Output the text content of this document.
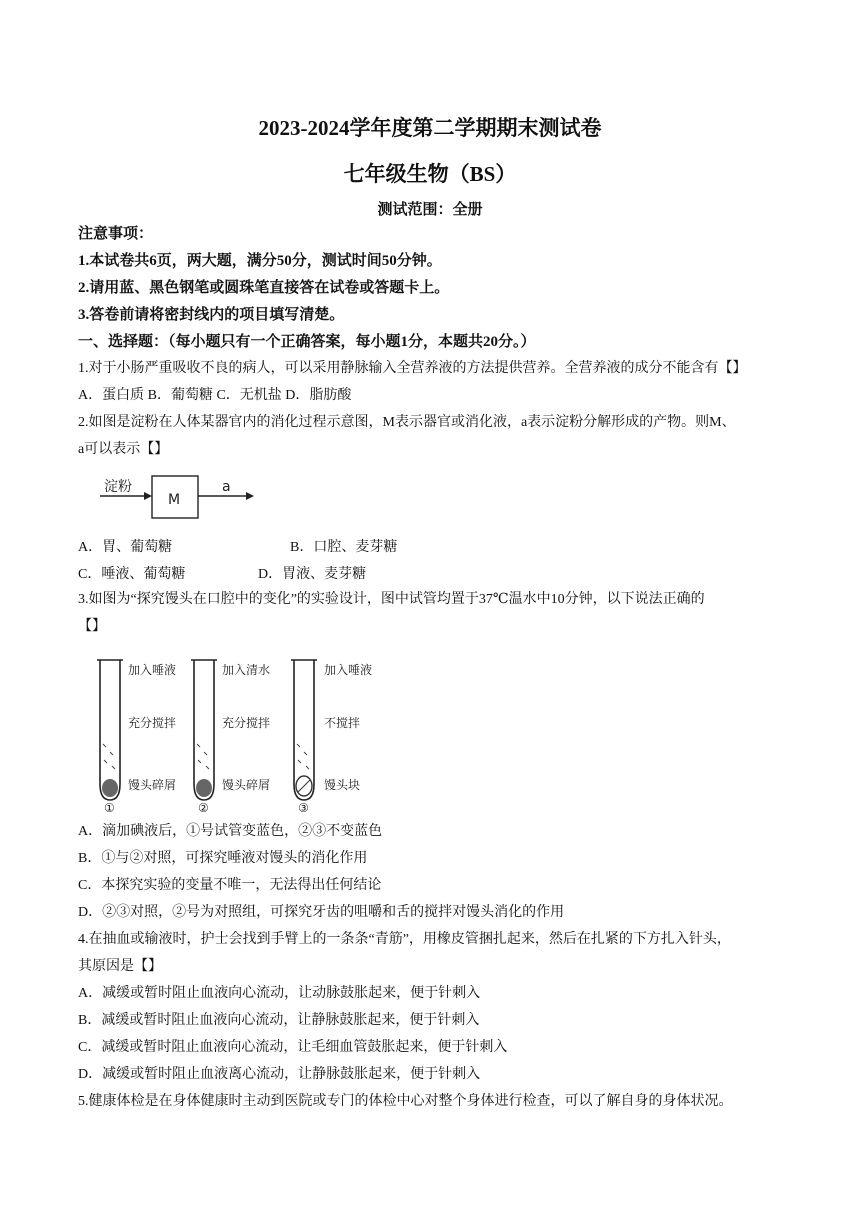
2023-2024学年度第二学期期末测试卷
七年级生物（BS）
测试范围：全册
注意事项：
1.本试卷共6页，两大题，满分50分，测试时间50分钟。
2.请用蓝、黑色钢笔或圆珠笔直接答在试卷或答题卡上。
3.答卷前请将密封线内的项目填写清楚。
一、选择题：（每小题只有一个正确答案，每小题1分，本题共20分。）
1.对于小肠严重吸收不良的病人，可以采用静脉输入全营养液的方法提供营养。全营养液的成分不能含有【】
A．蛋白质 B．葡萄糖 C．无机盐 D．脂肪酸
2.如图是淀粉在人体某器官内的消化过程示意图，M表示器官或消化液，a表示淀粉分解形成的产物。则M、
a可以表示【】
淀粉
M
a
A．胃、葡萄糖	B．口腔、麦芽糖
C．唾液、葡萄糖	D．胃液、麦芽糖
3.如图为“探究馒头在口腔中的变化”的实验设计，图中试管均置于37℃温水中10分钟，以下说法正确的
【】
加入唾液
充分搅拌
馒头碎屑
①
加入清水
充分搅拌
馒头碎屑
②
加入唾液
不搅拌
馒头块
③
A．滴加碘液后，①号试管变蓝色，②③不变蓝色
B．①与②对照，可探究唾液对馒头的消化作用
C．本探究实验的变量不唯一，无法得出任何结论
D．②③对照，②号为对照组，可探究牙齿的咀嚼和舌的搅拌对馒头消化的作用
4.在抽血或输液时，护士会找到手臂上的一条条“青筋”，用橡皮管捆扎起来，然后在扎紧的下方扎入针头，
其原因是【】
A．减缓或暂时阻止血液向心流动，让动脉鼓胀起来，便于针刺入
B．减缓或暂时阻止血液向心流动，让静脉鼓胀起来，便于针刺入
C．减缓或暂时阻止血液向心流动，让毛细血管鼓胀起来，便于针刺入
D．减缓或暂时阻止血液离心流动，让静脉鼓胀起来，便于针刺入
5.健康体检是在身体健康时主动到医院或专门的体检中心对整个身体进行检查，可以了解自身的身体状况。
